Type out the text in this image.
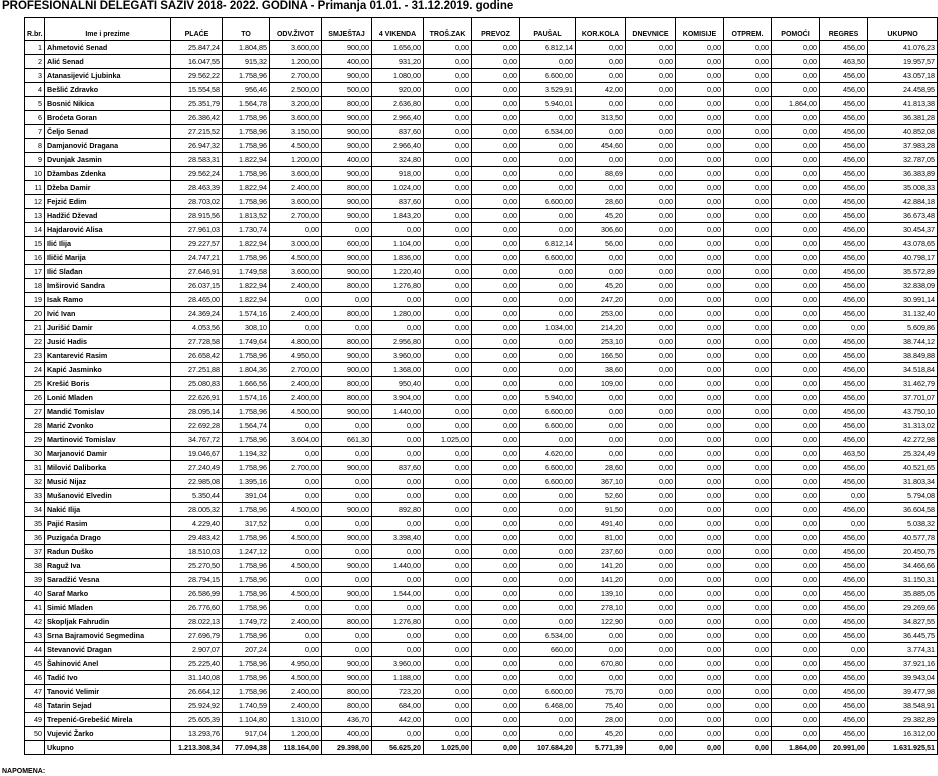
PROFESIONALNI DELEGATI SAZIV 2018- 2022. GODINA - Primanja 01.01. - 31.12.2019. godine
R.br.	Ime i prezime	PLAĆE	TO	ODV.ŽIVOT	SMJEŠTAJ	4 VIKENDA	TROŠ.ZAK	PREVOZ	PAUŠAL	KOR.KOLA	DNEVNICE	KOMISIJE	OTPREM.	POMOĆI	REGRES	UKUPNO
1	Ahmetović Senad	25.847,24	1.804,85	3.600,00	900,00	1.656,00	0,00	0,00	6.812,14	0,00	0,00	0,00	0,00	0,00	456,00	41.076,23
2	Alić Senad	16.047,55	915,32	1.200,00	400,00	931,20	0,00	0,00	0,00	0,00	0,00	0,00	0,00	0,00	463,50	19.957,57
3	Atanasijević Ljubinka	29.562,22	1.758,96	2.700,00	900,00	1.080,00	0,00	0,00	6.600,00	0,00	0,00	0,00	0,00	0,00	456,00	43.057,18
4	Bešlić Zdravko	15.554,58	956,46	2.500,00	500,00	920,00	0,00	0,00	3.529,91	42,00	0,00	0,00	0,00	0,00	456,00	24.458,95
5	Bosnić Nikica	25.351,79	1.564,78	3.200,00	800,00	2.636,80	0,00	0,00	5.940,01	0,00	0,00	0,00	0,00	1.864,00	456,00	41.813,38
6	Broćeta Goran	26.386,42	1.758,96	3.600,00	900,00	2.966,40	0,00	0,00	0,00	313,50	0,00	0,00	0,00	0,00	456,00	36.381,28
7	Čeljo Senad	27.215,52	1.758,96	3.150,00	900,00	837,60	0,00	0,00	6.534,00	0,00	0,00	0,00	0,00	0,00	456,00	40.852,08
8	Damjanović Dragana	26.947,32	1.758,96	4.500,00	900,00	2.966,40	0,00	0,00	0,00	454,60	0,00	0,00	0,00	0,00	456,00	37.983,28
9	Dvunjak Jasmin	28.583,31	1.822,94	1.200,00	400,00	324,80	0,00	0,00	0,00	0,00	0,00	0,00	0,00	0,00	456,00	32.787,05
10	Džambas Zdenka	29.562,24	1.758,96	3.600,00	900,00	918,00	0,00	0,00	0,00	88,69	0,00	0,00	0,00	0,00	456,00	36.383,89
11	Džeba Damir	28.463,39	1.822,94	2.400,00	800,00	1.024,00	0,00	0,00	0,00	0,00	0,00	0,00	0,00	0,00	456,00	35.008,33
12	Fejzić Edim	28.703,02	1.758,96	3.600,00	900,00	837,60	0,00	0,00	6.600,00	28,60	0,00	0,00	0,00	0,00	456,00	42.884,18
13	Hadžić Dževad	28.915,56	1.813,52	2.700,00	900,00	1.843,20	0,00	0,00	0,00	45,20	0,00	0,00	0,00	0,00	456,00	36.673,48
14	Hajdarović Alisa	27.961,03	1.730,74	0,00	0,00	0,00	0,00	0,00	0,00	306,60	0,00	0,00	0,00	0,00	456,00	30.454,37
15	Ilić Ilija	29.227,57	1.822,94	3.000,00	600,00	1.104,00	0,00	0,00	6.812,14	56,00	0,00	0,00	0,00	0,00	456,00	43.078,65
16	Iličić Marija	24.747,21	1.758,96	4.500,00	900,00	1.836,00	0,00	0,00	6.600,00	0,00	0,00	0,00	0,00	0,00	456,00	40.798,17
17	Ilić Slađan	27.646,91	1.749,58	3.600,00	900,00	1.220,40	0,00	0,00	0,00	0,00	0,00	0,00	0,00	0,00	456,00	35.572,89
18	Imširović Sandra	26.037,15	1.822,94	2.400,00	800,00	1.276,80	0,00	0,00	0,00	45,20	0,00	0,00	0,00	0,00	456,00	32.838,09
19	Isak Ramo	28.465,00	1.822,94	0,00	0,00	0,00	0,00	0,00	0,00	247,20	0,00	0,00	0,00	0,00	456,00	30.991,14
20	Ivić Ivan	24.369,24	1.574,16	2.400,00	800,00	1.280,00	0,00	0,00	0,00	253,00	0,00	0,00	0,00	0,00	456,00	31.132,40
21	Jurišić Damir	4.053,56	308,10	0,00	0,00	0,00	0,00	0,00	1.034,00	214,20	0,00	0,00	0,00	0,00	0,00	5.609,86
22	Jusić Hadis	27.728,58	1.749,64	4.800,00	800,00	2.956,80	0,00	0,00	0,00	253,10	0,00	0,00	0,00	0,00	456,00	38.744,12
23	Kantarević Rasim	26.658,42	1.758,96	4.950,00	900,00	3.960,00	0,00	0,00	0,00	166,50	0,00	0,00	0,00	0,00	456,00	38.849,88
24	Kapić Jasminko	27.251,88	1.804,36	2.700,00	900,00	1.368,00	0,00	0,00	0,00	38,60	0,00	0,00	0,00	0,00	456,00	34.518,84
25	Krešić Boris	25.080,83	1.666,56	2.400,00	800,00	950,40	0,00	0,00	0,00	109,00	0,00	0,00	0,00	0,00	456,00	31.462,79
26	Lonić Mladen	22.626,91	1.574,16	2.400,00	800,00	3.904,00	0,00	0,00	5.940,00	0,00	0,00	0,00	0,00	0,00	456,00	37.701,07
27	Mandić Tomislav	28.095,14	1.758,96	4.500,00	900,00	1.440,00	0,00	0,00	6.600,00	0,00	0,00	0,00	0,00	0,00	456,00	43.750,10
28	Marić Zvonko	22.692,28	1.564,74	0,00	0,00	0,00	0,00	0,00	6.600,00	0,00	0,00	0,00	0,00	0,00	456,00	31.313,02
29	Martinović Tomislav	34.767,72	1.758,96	3.604,00	661,30	0,00	1.025,00	0,00	0,00	0,00	0,00	0,00	0,00	0,00	456,00	42.272,98
30	Marjanović Damir	19.046,67	1.194,32	0,00	0,00	0,00	0,00	0,00	4.620,00	0,00	0,00	0,00	0,00	0,00	463,50	25.324,49
31	Milović Daliborka	27.240,49	1.758,96	2.700,00	900,00	837,60	0,00	0,00	6.600,00	28,60	0,00	0,00	0,00	0,00	456,00	40.521,65
32	Musić Nijaz	22.985,08	1.395,16	0,00	0,00	0,00	0,00	0,00	6.600,00	367,10	0,00	0,00	0,00	0,00	456,00	31.803,34
33	Mušanović Elvedin	5.350,44	391,04	0,00	0,00	0,00	0,00	0,00	0,00	52,60	0,00	0,00	0,00	0,00	0,00	5.794,08
34	Nakić Ilija	28.005,32	1.758,96	4.500,00	900,00	892,80	0,00	0,00	0,00	91,50	0,00	0,00	0,00	0,00	456,00	36.604,58
35	Pajić Rasim	4.229,40	317,52	0,00	0,00	0,00	0,00	0,00	0,00	491,40	0,00	0,00	0,00	0,00	0,00	5.038,32
36	Puzigaća Drago	29.483,42	1.758,96	4.500,00	900,00	3.398,40	0,00	0,00	0,00	81,00	0,00	0,00	0,00	0,00	456,00	40.577,78
37	Radun Duško	18.510,03	1.247,12	0,00	0,00	0,00	0,00	0,00	0,00	237,60	0,00	0,00	0,00	0,00	456,00	20.450,75
38	Raguž Iva	25.270,50	1.758,96	4.500,00	900,00	1.440,00	0,00	0,00	0,00	141,20	0,00	0,00	0,00	0,00	456,00	34.466,66
39	Saradžić Vesna	28.794,15	1.758,96	0,00	0,00	0,00	0,00	0,00	0,00	141,20	0,00	0,00	0,00	0,00	456,00	31.150,31
40	Saraf Marko	26.586,99	1.758,96	4.500,00	900,00	1.544,00	0,00	0,00	0,00	139,10	0,00	0,00	0,00	0,00	456,00	35.885,05
41	Simić Mladen	26.776,60	1.758,96	0,00	0,00	0,00	0,00	0,00	0,00	278,10	0,00	0,00	0,00	0,00	456,00	29.269,66
42	Skopljak Fahrudin	28.022,13	1.749,72	2.400,00	800,00	1.276,80	0,00	0,00	0,00	122,90	0,00	0,00	0,00	0,00	456,00	34.827,55
43	Srna Bajramović Segmedina	27.696,79	1.758,96	0,00	0,00	0,00	0,00	0,00	6.534,00	0,00	0,00	0,00	0,00	0,00	456,00	36.445,75
44	Stevanović Dragan	2.907,07	207,24	0,00	0,00	0,00	0,00	0,00	660,00	0,00	0,00	0,00	0,00	0,00	0,00	3.774,31
45	Šahinović Anel	25.225,40	1.758,96	4.950,00	900,00	3.960,00	0,00	0,00	0,00	670,80	0,00	0,00	0,00	0,00	456,00	37.921,16
46	Tadić Ivo	31.140,08	1.758,96	4.500,00	900,00	1.188,00	0,00	0,00	0,00	0,00	0,00	0,00	0,00	0,00	456,00	39.943,04
47	Tanović Velimir	26.664,12	1.758,96	2.400,00	800,00	723,20	0,00	0,00	6.600,00	75,70	0,00	0,00	0,00	0,00	456,00	39.477,98
48	Tatarin Sejad	25.924,92	1.740,59	2.400,00	800,00	684,00	0,00	0,00	6.468,00	75,40	0,00	0,00	0,00	0,00	456,00	38.548,91
49	Trepenić-Grebešić Mirela	25.605,39	1.104,80	1.310,00	436,70	442,00	0,00	0,00	0,00	28,00	0,00	0,00	0,00	0,00	456,00	29.382,89
50	Vujević Žarko	13.293,76	917,04	1.200,00	400,00	0,00	0,00	0,00	0,00	45,20	0,00	0,00	0,00	0,00	456,00	16.312,00
	Ukupno	1.213.308,34	77.094,38	118.164,00	29.398,00	56.625,20	1.025,00	0,00	107.684,20	5.771,39	0,00	0,00	0,00	1.864,00	20.991,00	1.631.925,51
NAPOMENA:
